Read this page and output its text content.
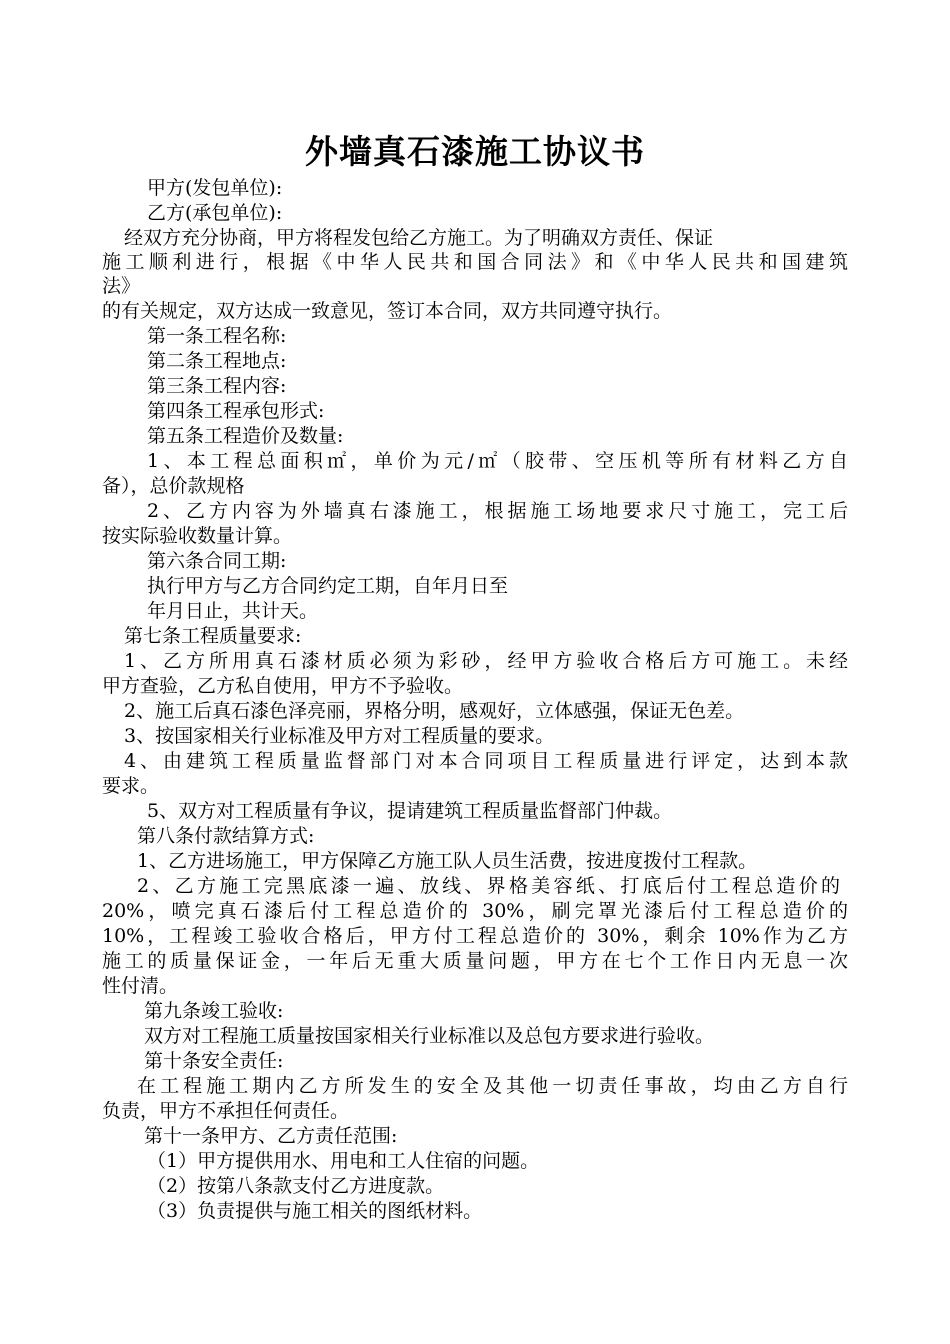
外墙真石漆施工协议书
甲方(发包单位):
乙方(承包单位):
经双方充分协商，甲方将程发包给乙方施工。为了明确双方责任、保证
施工顺利进行，根据《中华人民共和国合同法》和《中华人民共和国建筑
法》
的有关规定，双方达成一致意见，签订本合同，双方共同遵守执行。
第一条工程名称:
第二条工程地点:
第三条工程内容:
第四条工程承包形式:
第五条工程造价及数量:
1、本工程总面积㎡，单价为元/㎡（胶带、空压机等所有材料乙方自
备），总价款规格
2、乙方内容为外墙真右漆施工，根据施工场地要求尺寸施工，完工后
按实际验收数量计算。
第六条合同工期:
执行甲方与乙方合同约定工期，自年月日至
年月日止，共计天。
第七条工程质量要求:
1、乙方所用真石漆材质必须为彩砂，经甲方验收合格后方可施工。未经
甲方查验，乙方私自使用，甲方不予验收。
2、施工后真石漆色泽亮丽，界格分明，感观好，立体感强，保证无色差。
3、按国家相关行业标准及甲方对工程质量的要求。
4、由建筑工程质量监督部门对本合同项目工程质量进行评定，达到本款
要求。
5、双方对工程质量有争议，提请建筑工程质量监督部门仲裁。
第八条付款结算方式:
1、乙方进场施工，甲方保障乙方施工队人员生活费，按进度拨付工程款。
2、乙方施工完黑底漆一遍、放线、界格美容纸、打底后付工程总造价的
20%，喷完真石漆后付工程总造价的 30%，刷完罩光漆后付工程总造价的
10%，工程竣工验收合格后，甲方付工程总造价的 30%，剩余 10%作为乙方
施工的质量保证金，一年后无重大质量问题，甲方在七个工作日内无息一次
性付清。
第九条竣工验收:
双方对工程施工质量按国家相关行业标准以及总包方要求进行验收。
第十条安全责任:
在工程施工期内乙方所发生的安全及其他一切责任事故，均由乙方自行
负责，甲方不承担任何责任。
第十一条甲方、乙方责任范围:
（1）甲方提供用水、用电和工人住宿的问题。
（2）按第八条款支付乙方进度款。
（3）负责提供与施工相关的图纸材料。
